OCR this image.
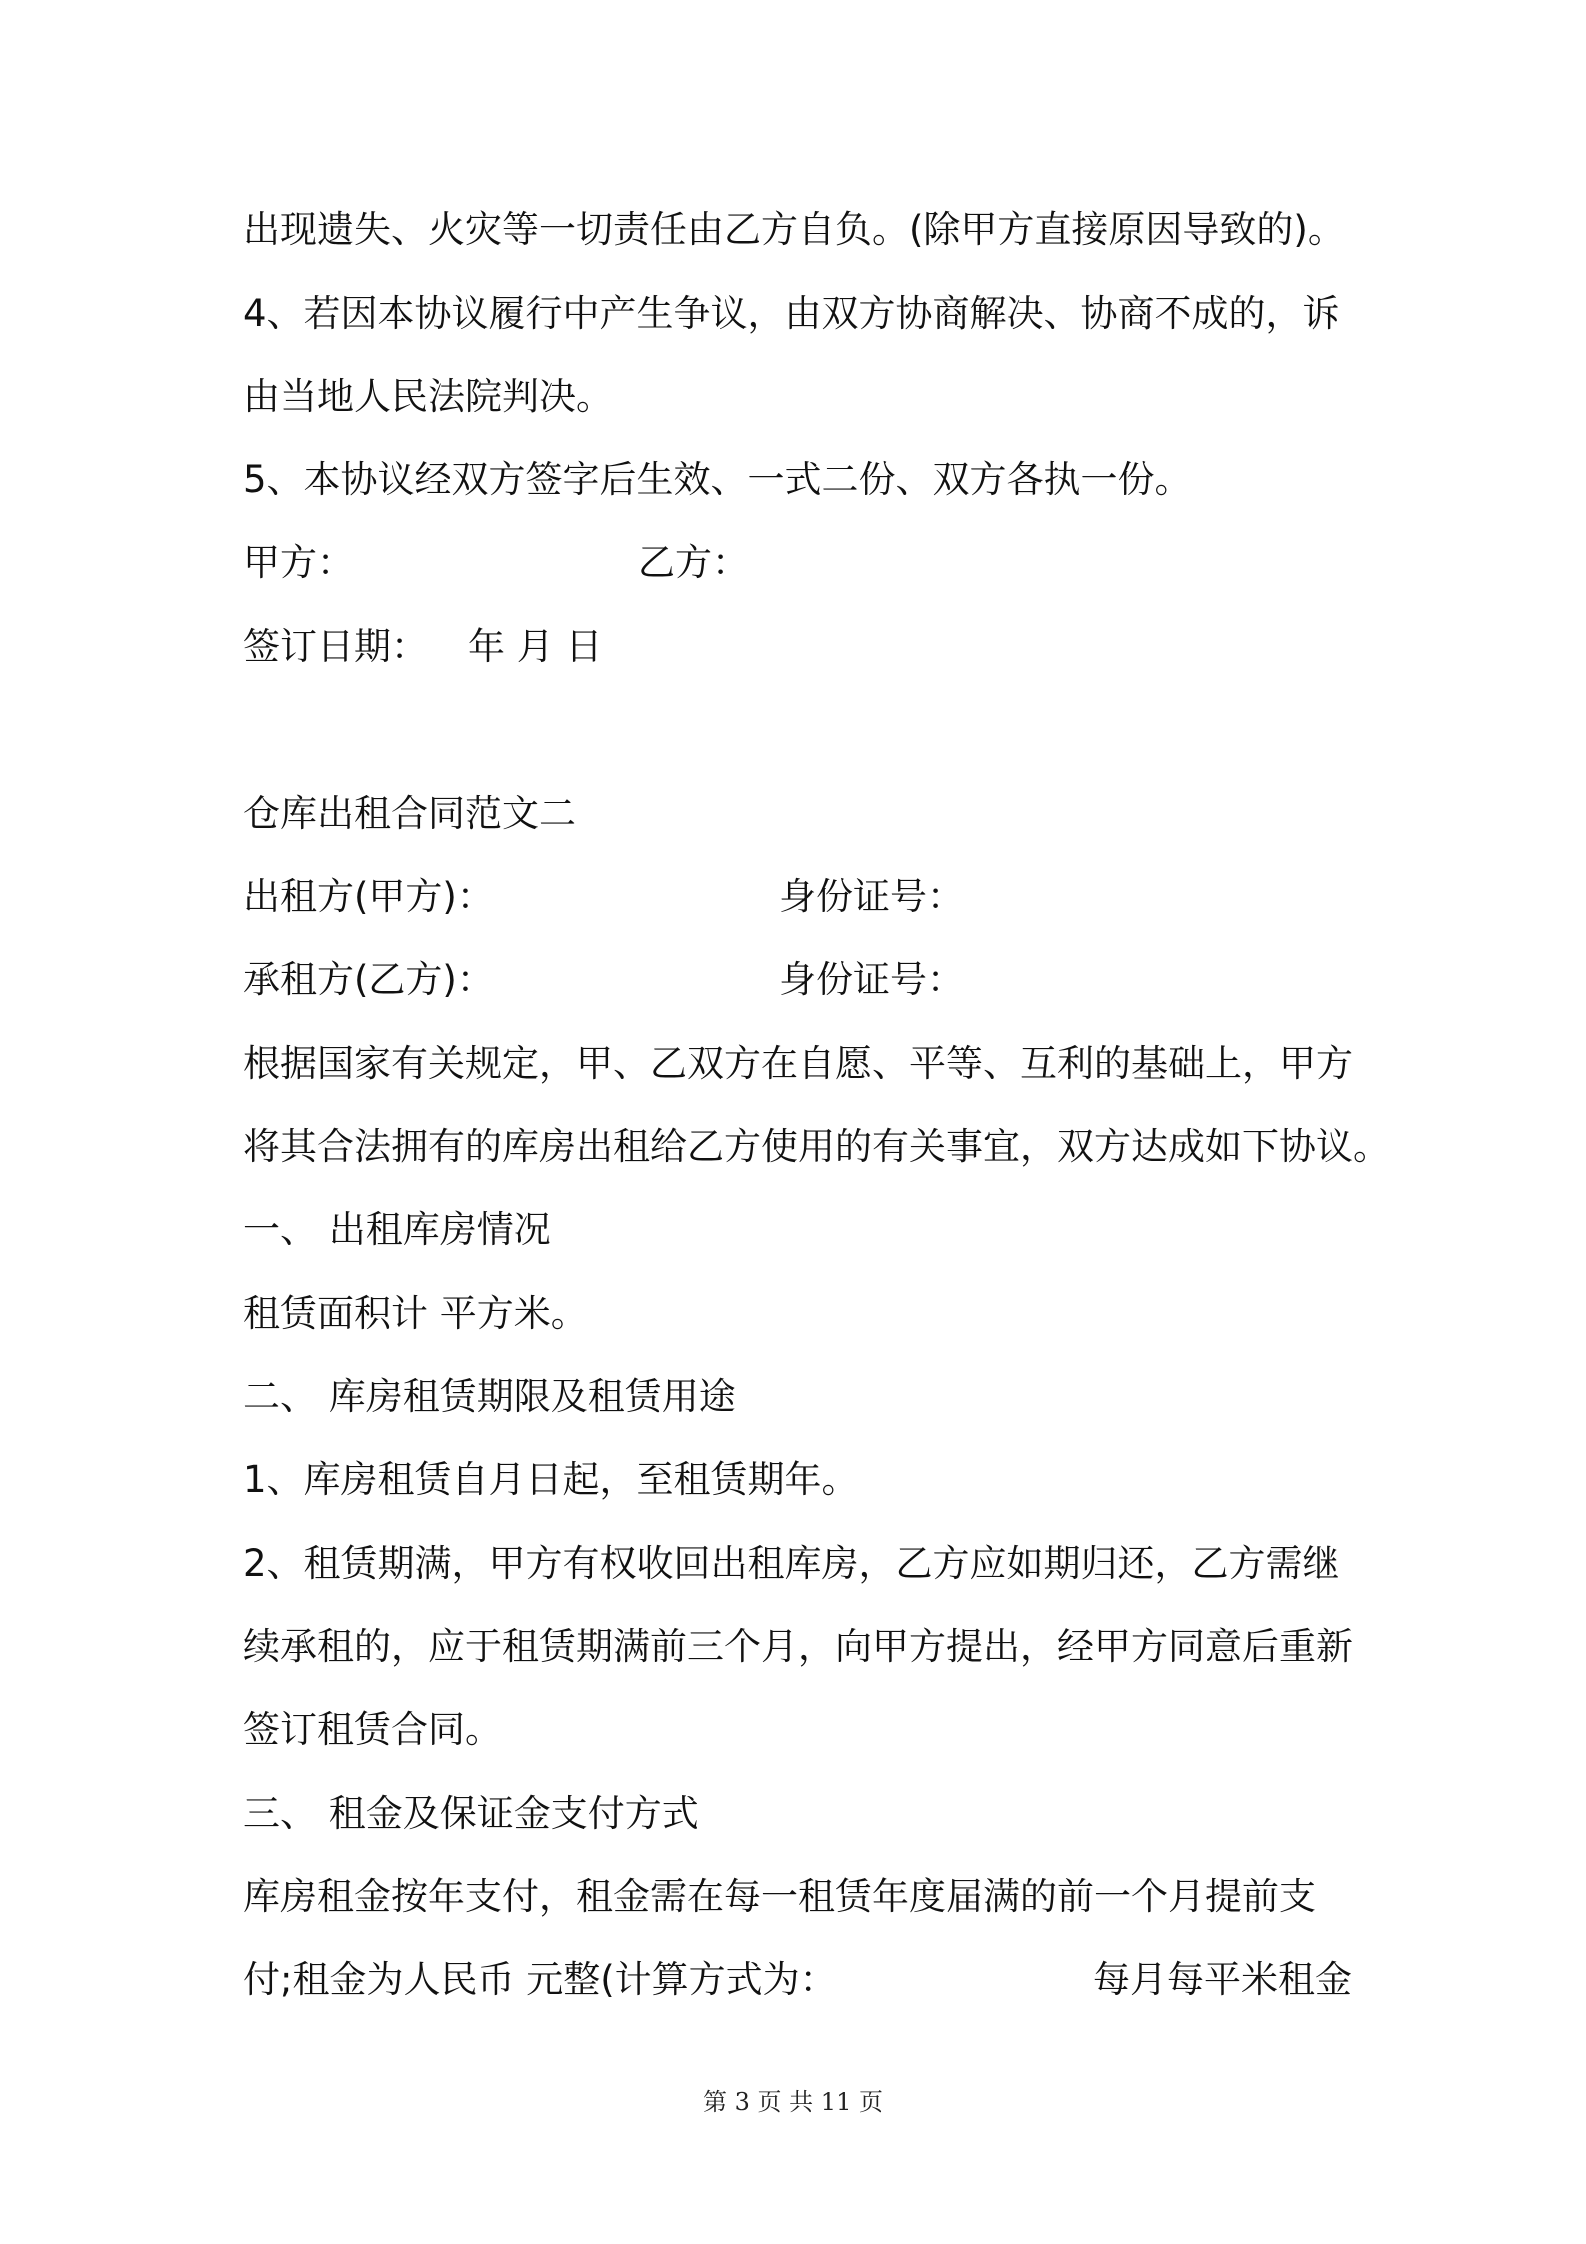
出现遗失、火灾等一切责任由乙方自负。(除甲方直接原因导致的)。
4、若因本协议履行中产生争议，由双方协商解决、协商不成的，诉
由当地人民法院判决。
5、本协议经双方签字后生效、一式二份、双方各执一份。
甲方：	乙方：
签订日期： 年 月 日
仓库出租合同范文二
出租方(甲方)：	身份证号：
承租方(乙方)：	身份证号：
根据国家有关规定，甲、乙双方在自愿、平等、互利的基础上，甲方
将其合法拥有的库房出租给乙方使用的有关事宜，双方达成如下协议。
一、 出租库房情况
租赁面积计 平方米。
二、 库房租赁期限及租赁用途
1、库房租赁自月日起，至租赁期年。
2、租赁期满，甲方有权收回出租库房，乙方应如期归还，乙方需继
续承租的，应于租赁期满前三个月，向甲方提出，经甲方同意后重新
签订租赁合同。
三、 租金及保证金支付方式
库房租金按年支付，租金需在每一租赁年度届满的前一个月提前支
付;租金为人民币 元整(计算方式为：	每月每平米租金
第 3 页 共 11 页
